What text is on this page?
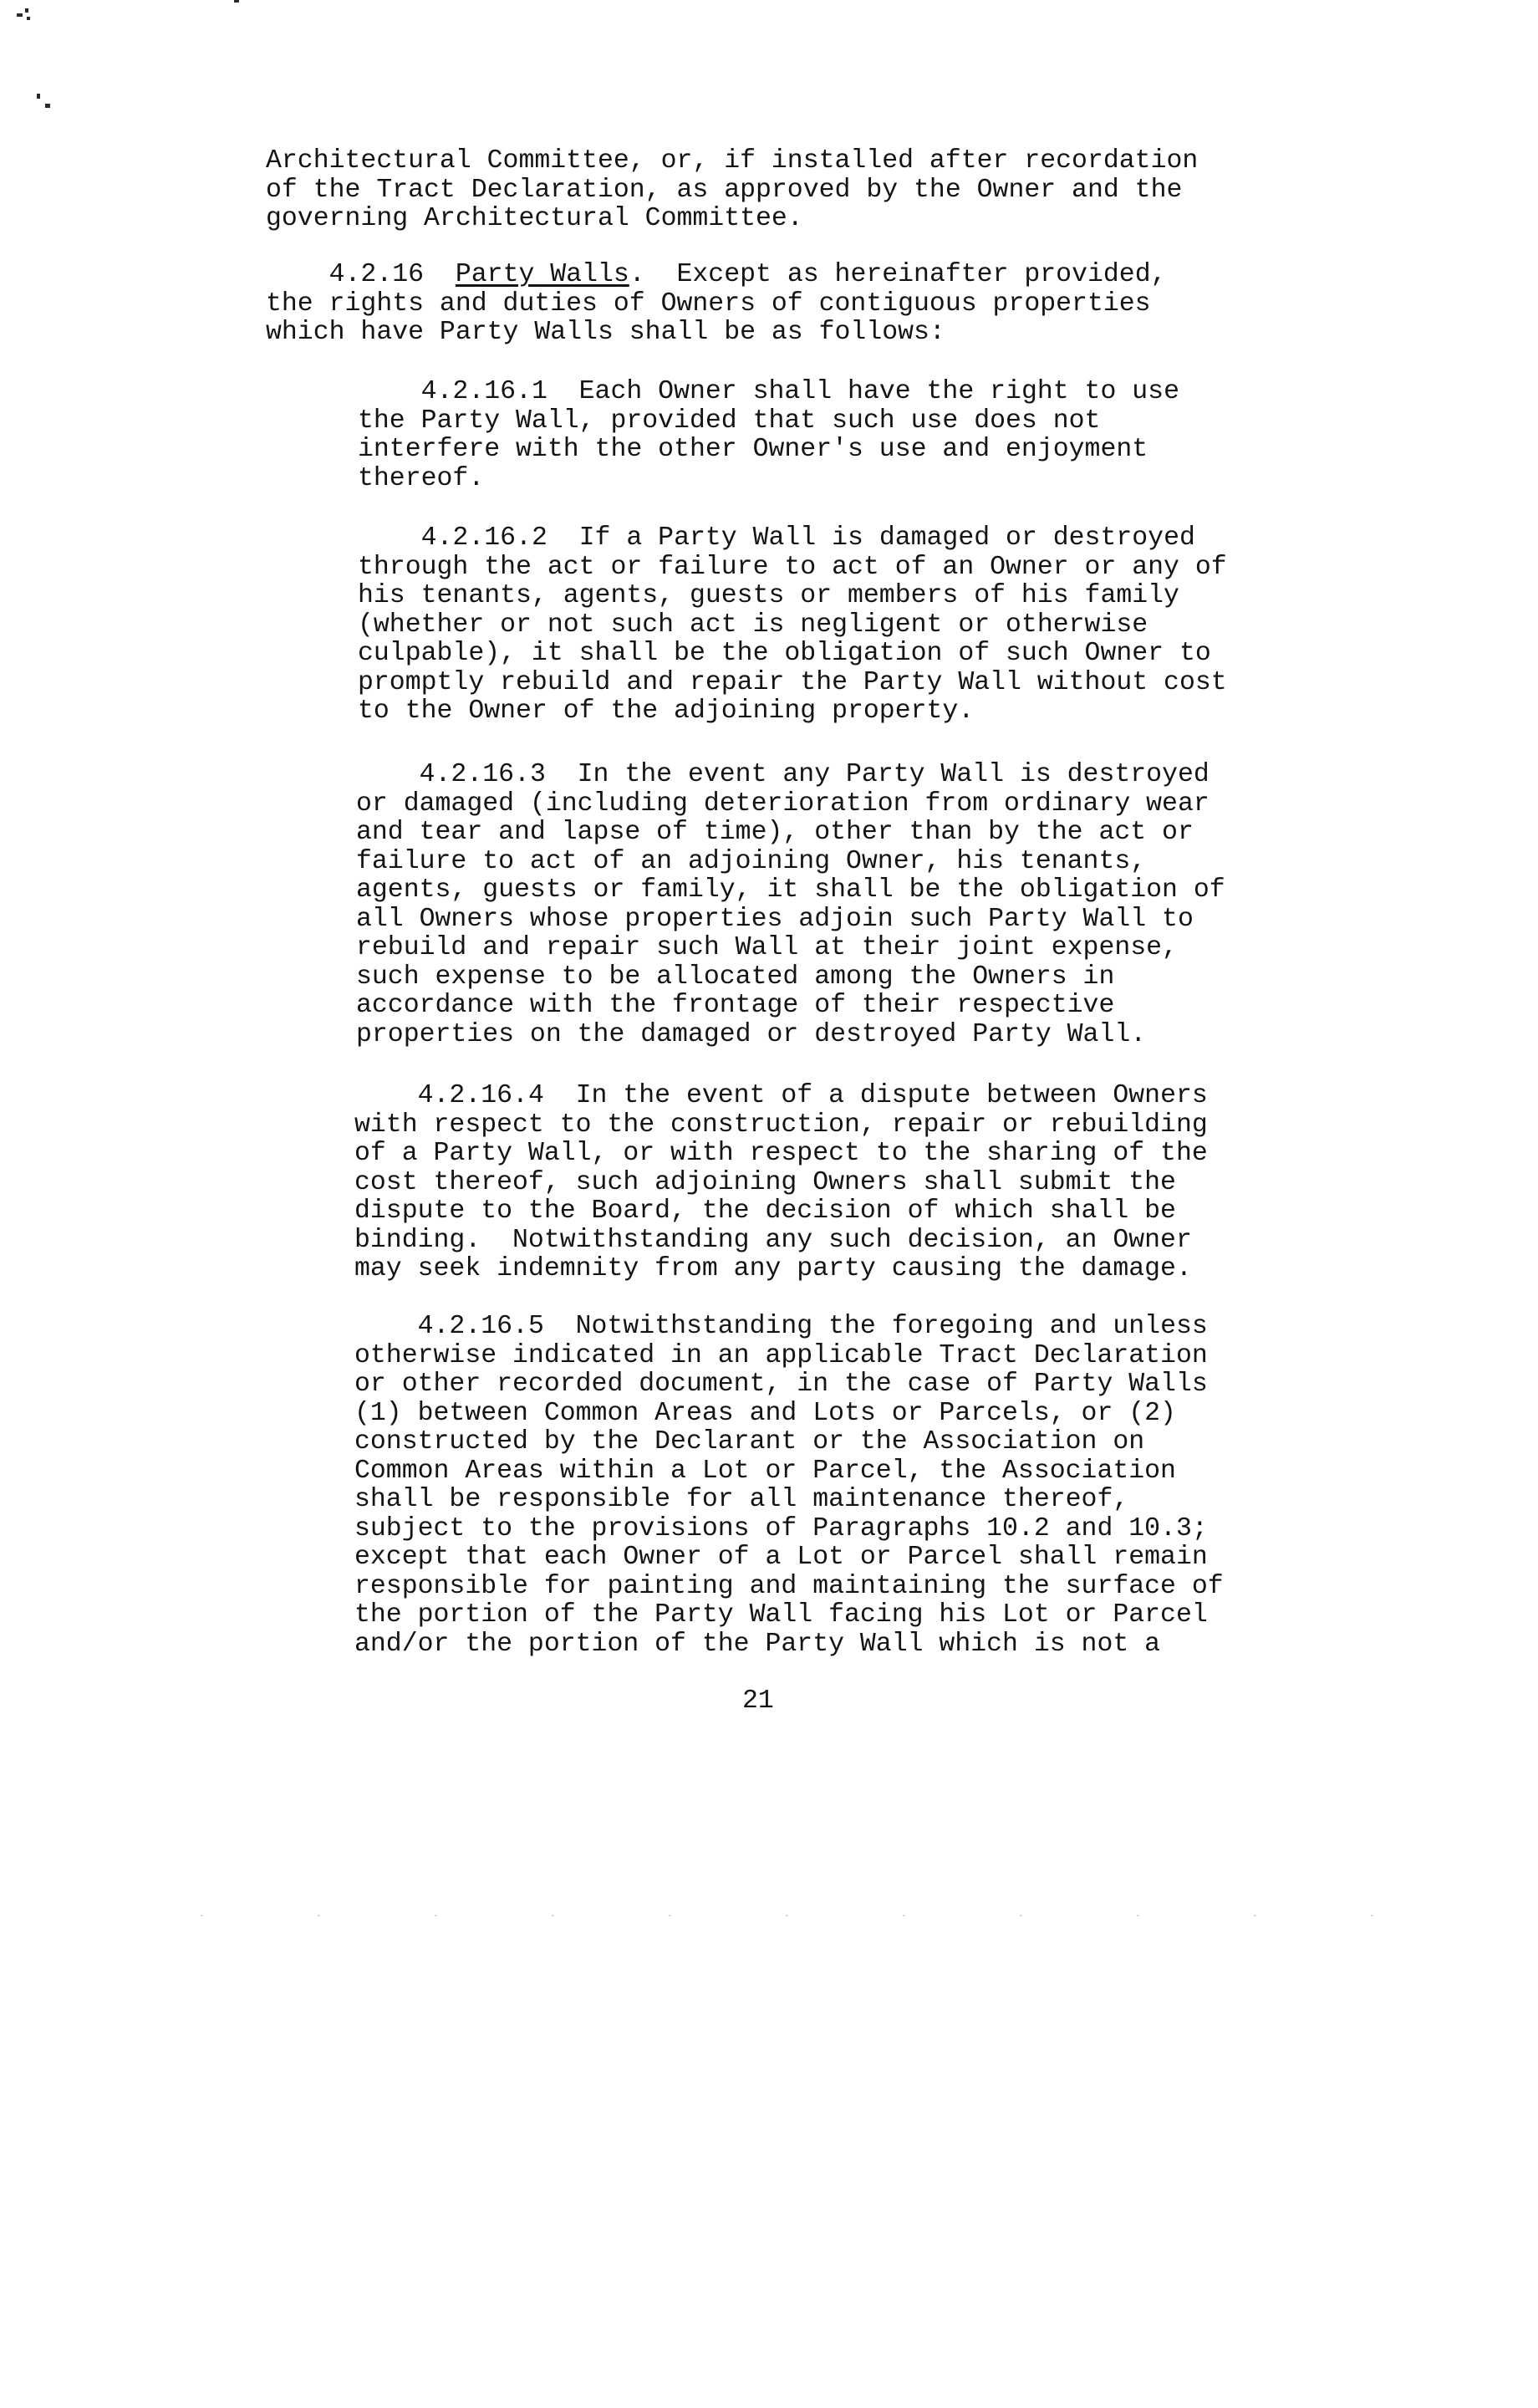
Architectural Committee, or, if installed after recordation
of the Tract Declaration, as approved by the Owner and the
governing Architectural Committee.
4.2.16 Party Walls.  Except as hereinafter provided,
the rights and duties of Owners of contiguous properties
which have Party Walls shall be as follows:
4.2.16.1  Each Owner shall have the right to use
the Party Wall, provided that such use does not
interfere with the other Owner's use and enjoyment
thereof.
4.2.16.2  If a Party Wall is damaged or destroyed
through the act or failure to act of an Owner or any of
his tenants, agents, guests or members of his family
(whether or not such act is negligent or otherwise
culpable), it shall be the obligation of such Owner to
promptly rebuild and repair the Party Wall without cost
to the Owner of the adjoining property.
4.2.16.3  In the event any Party Wall is destroyed
or damaged (including deterioration from ordinary wear
and tear and lapse of time), other than by the act or
failure to act of an adjoining Owner, his tenants,
agents, guests or family, it shall be the obligation of
all Owners whose properties adjoin such Party Wall to
rebuild and repair such Wall at their joint expense,
such expense to be allocated among the Owners in
accordance with the frontage of their respective
properties on the damaged or destroyed Party Wall.
4.2.16.4  In the event of a dispute between Owners
with respect to the construction, repair or rebuilding
of a Party Wall, or with respect to the sharing of the
cost thereof, such adjoining Owners shall submit the
dispute to the Board, the decision of which shall be
binding.  Notwithstanding any such decision, an Owner
may seek indemnity from any party causing the damage.
4.2.16.5  Notwithstanding the foregoing and unless
otherwise indicated in an applicable Tract Declaration
or other recorded document, in the case of Party Walls
(1) between Common Areas and Lots or Parcels, or (2)
constructed by the Declarant or the Association on
Common Areas within a Lot or Parcel, the Association
shall be responsible for all maintenance thereof,
subject to the provisions of Paragraphs 10.2 and 10.3;
except that each Owner of a Lot or Parcel shall remain
responsible for painting and maintaining the surface of
the portion of the Party Wall facing his Lot or Parcel
and/or the portion of the Party Wall which is not a
21
